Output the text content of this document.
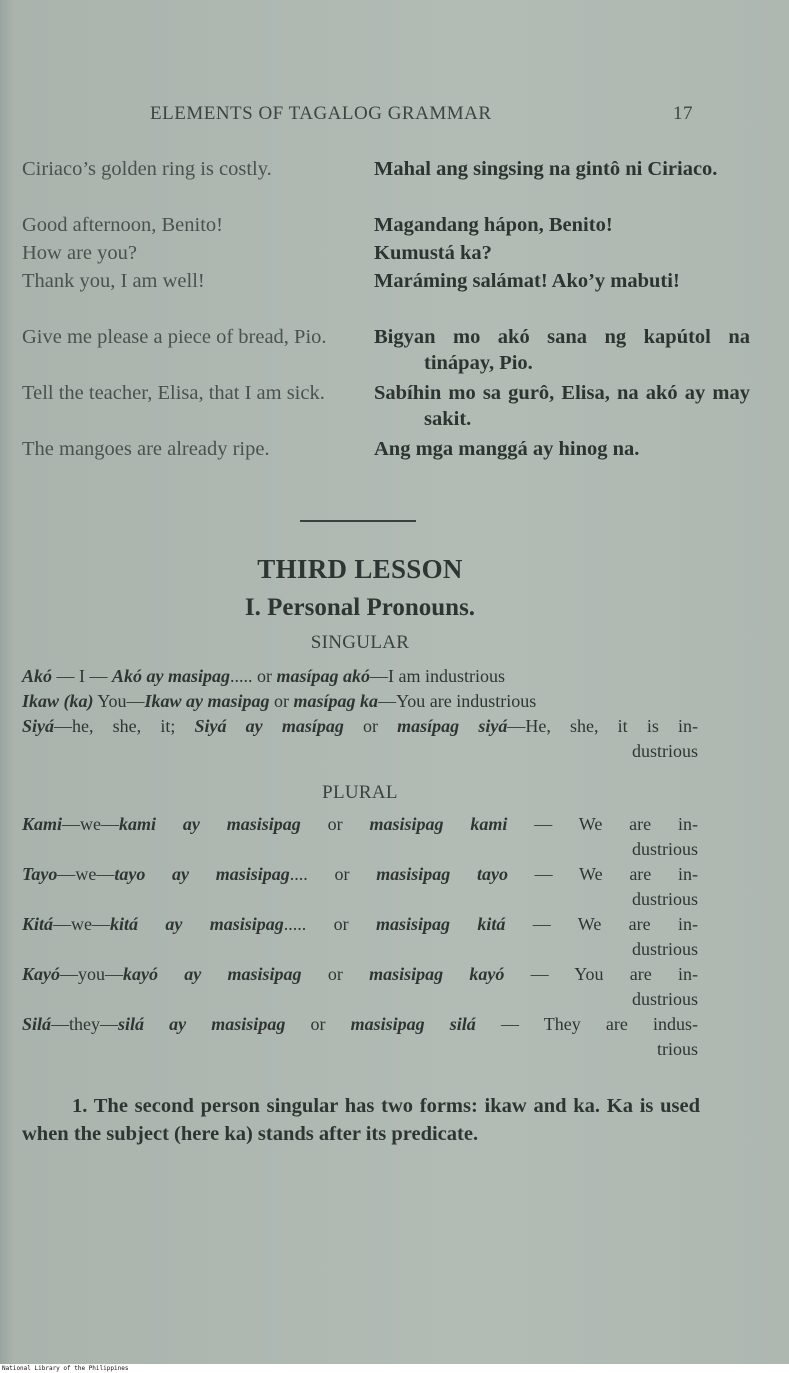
ELEMENTS OF TAGALOG GRAMMAR	17
Ciriaco’s golden ring is costly.	Mahal ang singsing na gintô ni Ciriaco.
Good afternoon, Benito!	Magandang hápon, Benito!
How are you?	Kumustá ka?
Thank you, I am well!	Maráming salámat! Ako’y mabuti!
Give me please a piece of bread, Pio.	Bigyan mo akó sana ng kapútol na tinápay, Pio.
Tell the teacher, Elisa, that I am sick.	Sabíhin mo sa gurô, Elisa, na akó ay may sakit.
The mangoes are already ripe.	Ang mga manggá ay hinog na.
THIRD LESSON
I. Personal Pronouns.
SINGULAR
Akó — I — Akó ay masipag..... or masípag akó—I am industrious
Ikaw (ka) You—Ikaw ay masipag or masípag ka—You are industrious
Siyá—he, she, it; Siyá ay masípag or masípag siyá—He, she, it is in-
dustrious
PLURAL
Kami—we—kami ay masisipag or masisipag kami — We are in-
dustrious
Tayo—we—tayo ay masisipag.... or masisipag tayo — We are in-
dustrious
Kitá—we—kitá ay masisipag..... or masisipag kitá — We are in-
dustrious
Kayó—you—kayó ay masisipag or masisipag kayó — You are in-
dustrious
Silá—they—silá ay masisipag or masisipag silá — They are indus-
trious
1. The second person singular has two forms: ikaw and ka. Ka is used when the subject (here ka) stands after its predicate.
National Library of the Philippines
